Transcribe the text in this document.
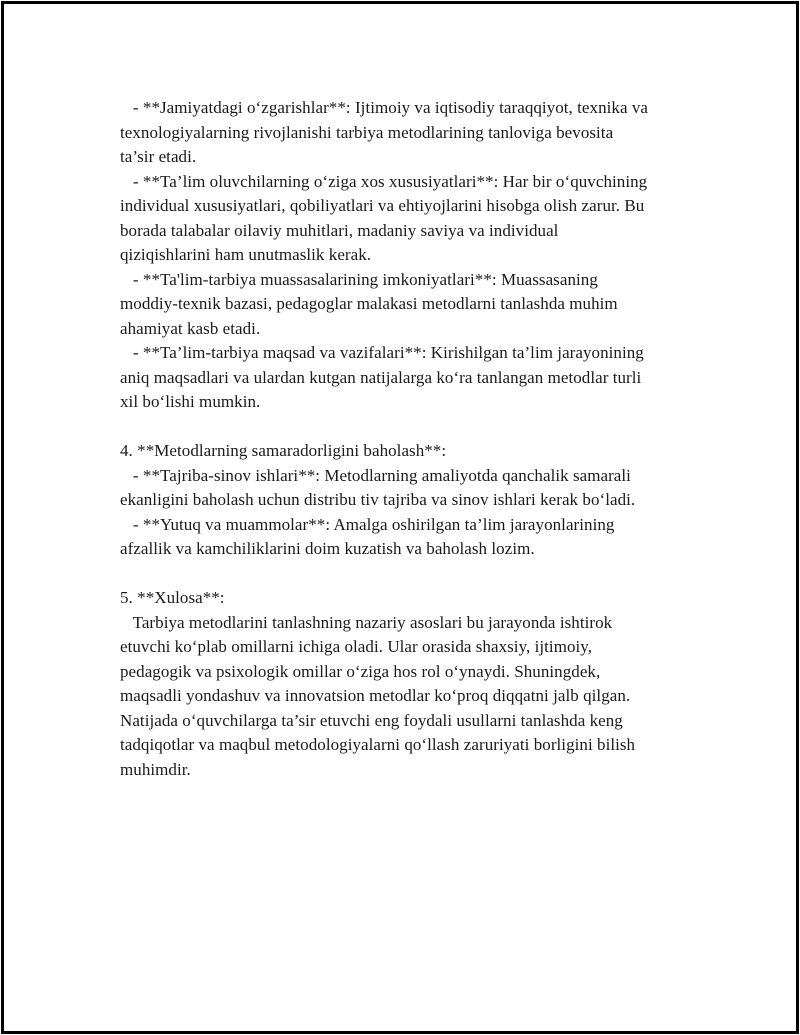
- **Jamiyatdagi o‘zgarishlar**: Ijtimoiy va iqtisodiy taraqqiyot, texnika va
texnologiyalarning rivojlanishi tarbiya metodlarining tanloviga bevosita
ta’sir etadi.
- **Ta’lim oluvchilarning o‘ziga xos xususiyatlari**: Har bir o‘quvchining
individual xususiyatlari, qobiliyatlari va ehtiyojlarini hisobga olish zarur. Bu
borada talabalar oilaviy muhitlari, madaniy saviya va individual
qiziqishlarini ham unutmaslik kerak.
- **Ta'lim-tarbiya muassasalarining imkoniyatlari**: Muassasaning
moddiy-texnik bazasi, pedagoglar malakasi metodlarni tanlashda muhim
ahamiyat kasb etadi.
- **Ta’lim-tarbiya maqsad va vazifalari**: Kirishilgan ta’lim jarayonining
aniq maqsadlari va ulardan kutgan natijalarga ko‘ra tanlangan metodlar turli
xil bo‘lishi mumkin.
4. **Metodlarning samaradorligini baholash**:
- **Tajriba-sinov ishlari**: Metodlarning amaliyotda qanchalik samarali
ekanligini baholash uchun distribu tiv tajriba va sinov ishlari kerak bo‘ladi.
- **Yutuq va muammolar**: Amalga oshirilgan ta’lim jarayonlarining
afzallik va kamchiliklarini doim kuzatish va baholash lozim.
5. **Xulosa**:
Tarbiya metodlarini tanlashning nazariy asoslari bu jarayonda ishtirok
etuvchi ko‘plab omillarni ichiga oladi. Ular orasida shaxsiy, ijtimoiy,
pedagogik va psixologik omillar o‘ziga hos rol o‘ynaydi. Shuningdek,
maqsadli yondashuv va innovatsion metodlar ko‘proq diqqatni jalb qilgan.
Natijada o‘quvchilarga ta’sir etuvchi eng foydali usullarni tanlashda keng
tadqiqotlar va maqbul metodologiyalarni qo‘llash zaruriyati borligini bilish
muhimdir.
